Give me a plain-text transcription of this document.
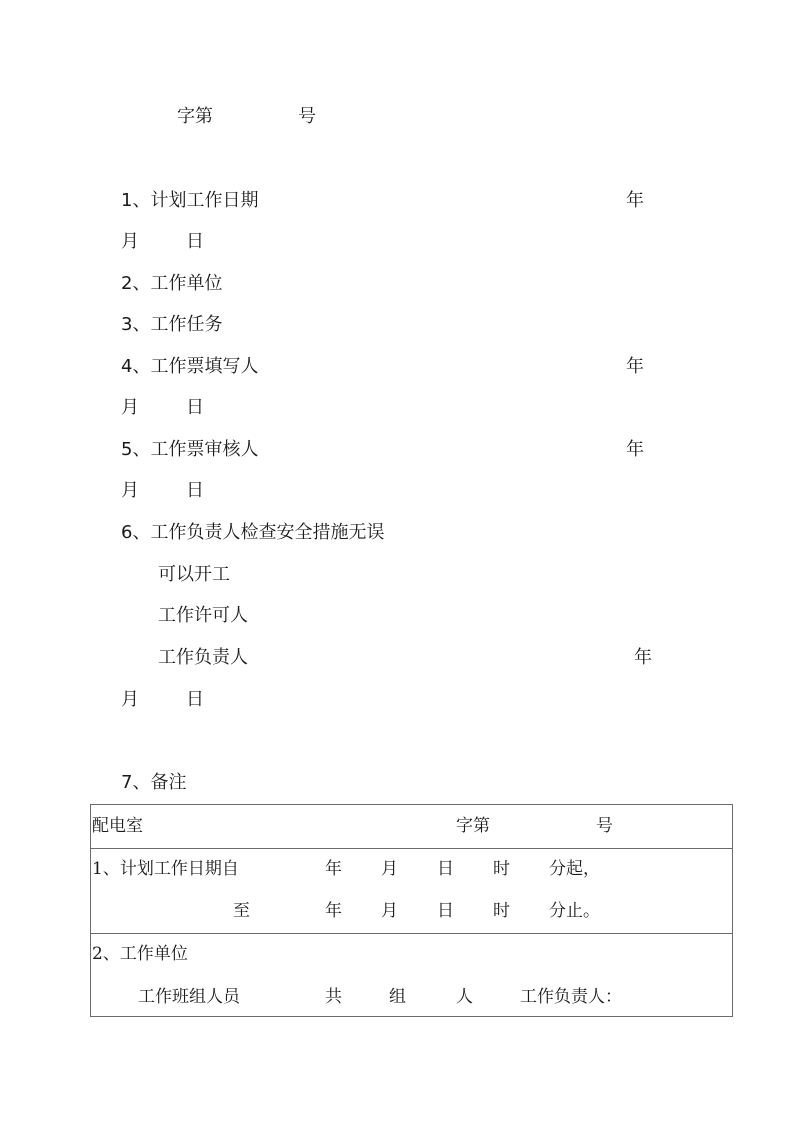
字第	号
1、计划工作日期	年
月	日
2、工作单位
3、工作任务
4、工作票填写人	年
月	日
5、工作票审核人	年
月	日
6、工作负责人检查安全措施无误
可以开工
工作许可人
工作负责人	年
月	日
7、备注
配电室	字第	号
1、计划工作日期自	年 月 日 时 分起，
至	年 月 日 时 分止。
2、工作单位
工作班组人员	共	组	人	工作负责人：
